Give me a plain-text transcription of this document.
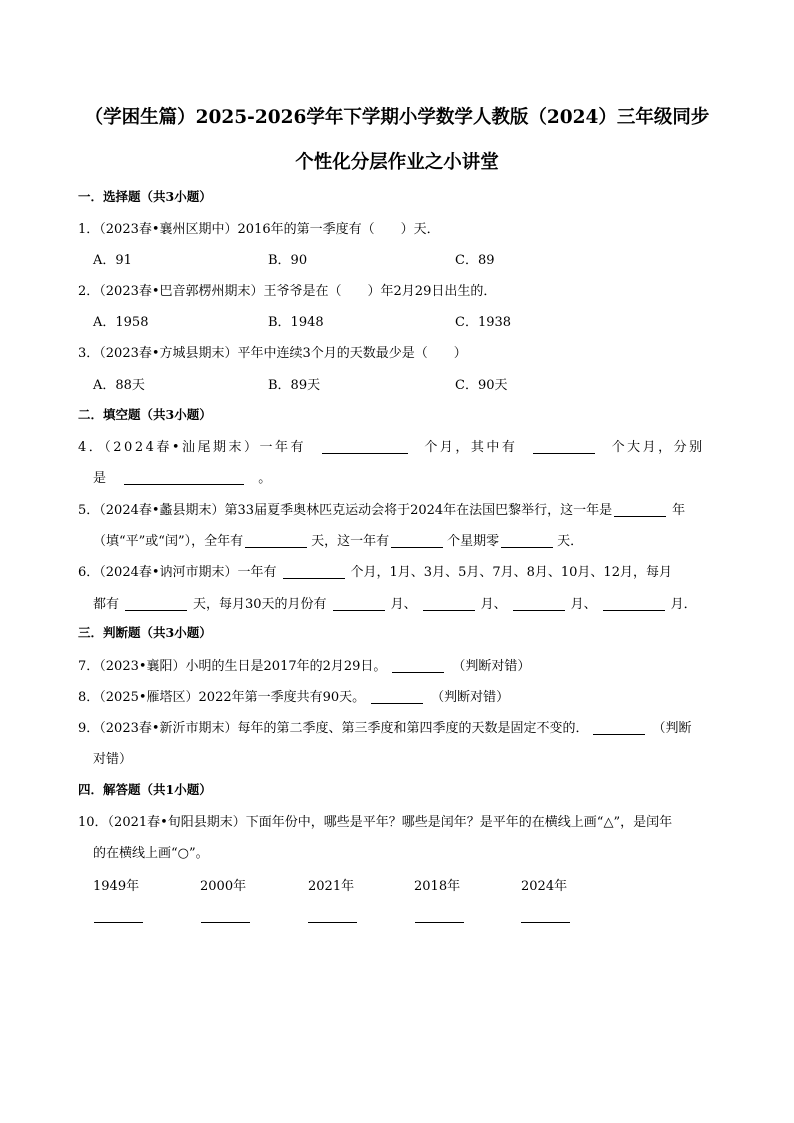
（学困生篇）2025-2026学年下学期小学数学人教版（2024）三年级同步
个性化分层作业之小讲堂
一．选择题（共3小题）
1．（2023春•襄州区期中）2016年的第一季度有（　　）天．
A．91	B．90	C．89
2．（2023春•巴音郭楞州期末）王爷爷是在（　　）年2月29日出生的．
A．1958	B．1948	C．1938
3．（2023春•方城县期末）平年中连续3个月的天数最少是（　　）
A．88天	B．89天	C．90天
二．填空题（共3小题）
4．（2024春•汕尾期末）一年有	个月，其中有	个大月，分别
是	。
5．（2024春•蠡县期末）第33届夏季奥林匹克运动会将于2024年在法国巴黎举行，这一年是	年
（填“平”或“闰”），全年有	天，这一年有	个星期零	天．
6．（2024春•讷河市期末）一年有	个月，1月、3月、5月、7月、8月、10月、12月，每月
都有	天，每月30天的月份有	月、	月、	月、	月．
三．判断题（共3小题）
7．（2023•襄阳）小明的生日是2017年的2月29日。	（判断对错）
8．（2025•雁塔区）2022年第一季度共有90天。	（判断对错）
9．（2023春•新沂市期末）每年的第二季度、第三季度和第四季度的天数是固定不变的．	（判断
对错）
四．解答题（共1小题）
10．（2021春•旬阳县期末）下面年份中，哪些是平年？哪些是闰年？是平年的在横线上画“△”，是闰年
的在横线上画“○”。
1949年	2000年	2021年	2018年	2024年
